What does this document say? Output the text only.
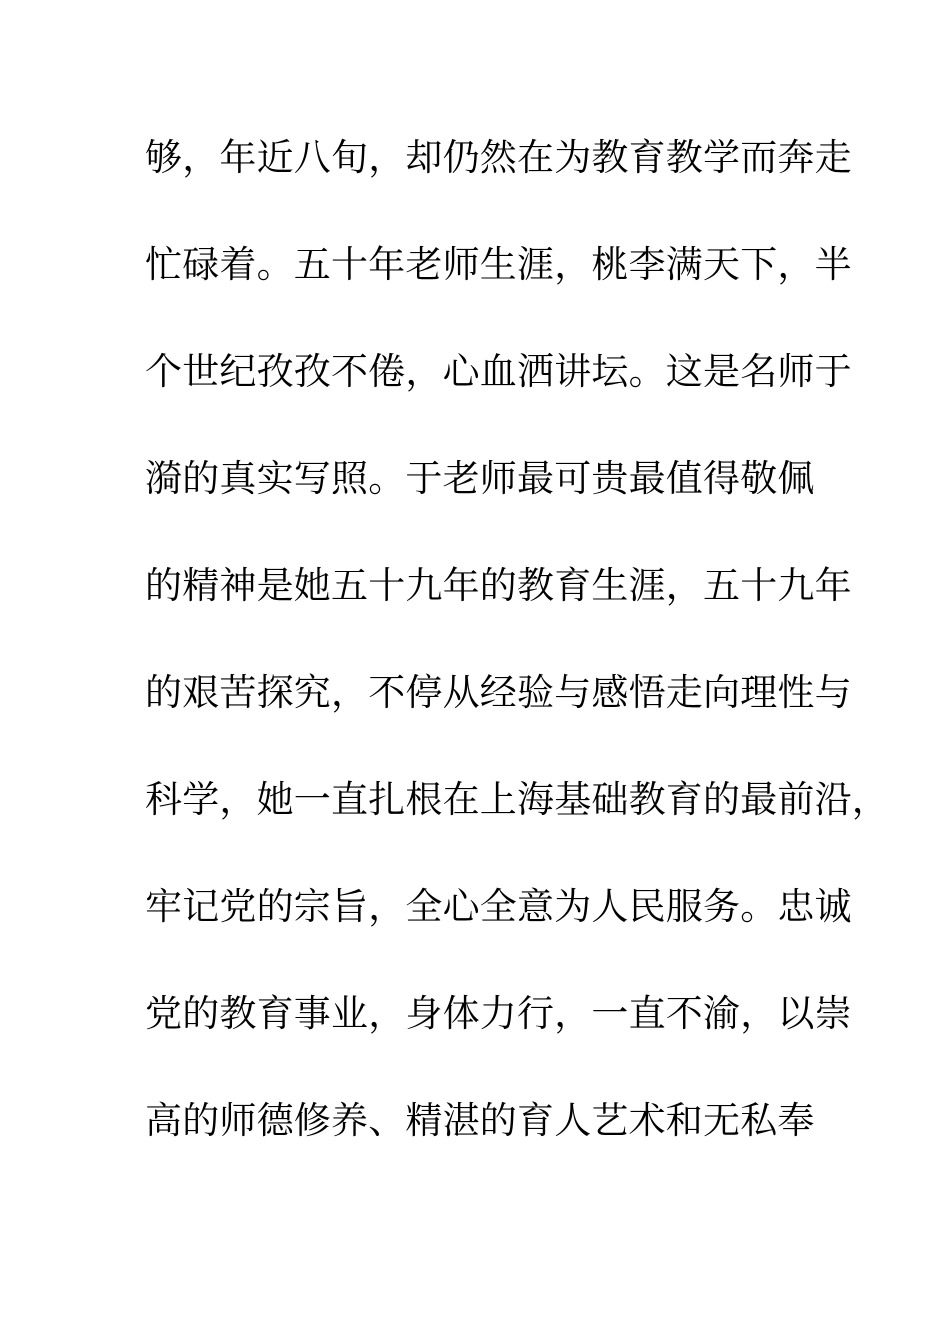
够，年近八旬，却仍然在为教育教学而奔走
忙碌着。五十年老师生涯，桃李满天下，半
个世纪孜孜不倦，心血洒讲坛。这是名师于
漪的真实写照。于老师最可贵最值得敬佩
的精神是她五十九年的教育生涯，五十九年
的艰苦探究，不停从经验与感悟走向理性与
科学，她一直扎根在上海基础教育的最前沿，
牢记党的宗旨，全心全意为人民服务。忠诚
党的教育事业，身体力行，一直不渝，以崇
高的师德修养、精湛的育人艺术和无私奉
